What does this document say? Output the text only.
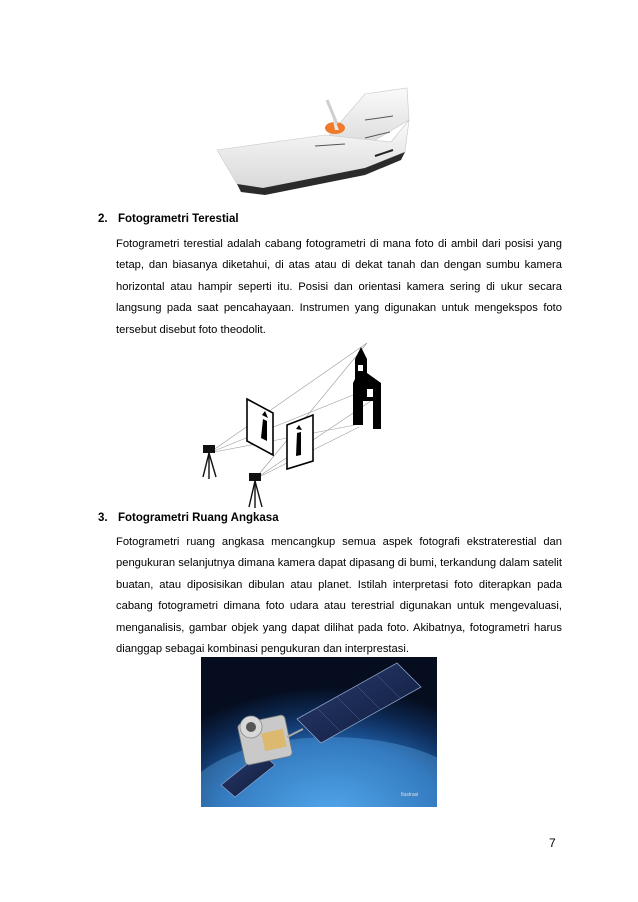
2. Fotogrametri Terestial

Fotogrametri terestial adalah cabang fotogrametri di mana foto di ambil dari posisi yang tetap, dan biasanya diketahui, di atas atau di dekat tanah dan dengan sumbu kamera horizontal atau hampir seperti itu. Posisi dan orientasi kamera sering di ukur secara langsung pada saat pencahayaan. Instrumen yang digunakan untuk mengekspos foto tersebut disebut foto theodolit.

3. Fotogrametri Ruang Angkasa

Fotogrametri ruang angkasa mencangkup semua aspek fotografi ekstraterestial dan pengukuran selanjutnya dimana kamera dapat dipasang di bumi, terkandung dalam satelit buatan, atau diposisikan dibulan atau planet. Istilah interpretasi foto diterapkan pada cabang fotogrametri dimana foto udara atau terestrial digunakan untuk mengevaluasi, menganalisis, gambar objek yang dapat dilihat pada foto. Akibatnya, fotogrametri harus dianggap sebagai kombinasi pengukuran dan interprestasi.

Ilustrasi
7
